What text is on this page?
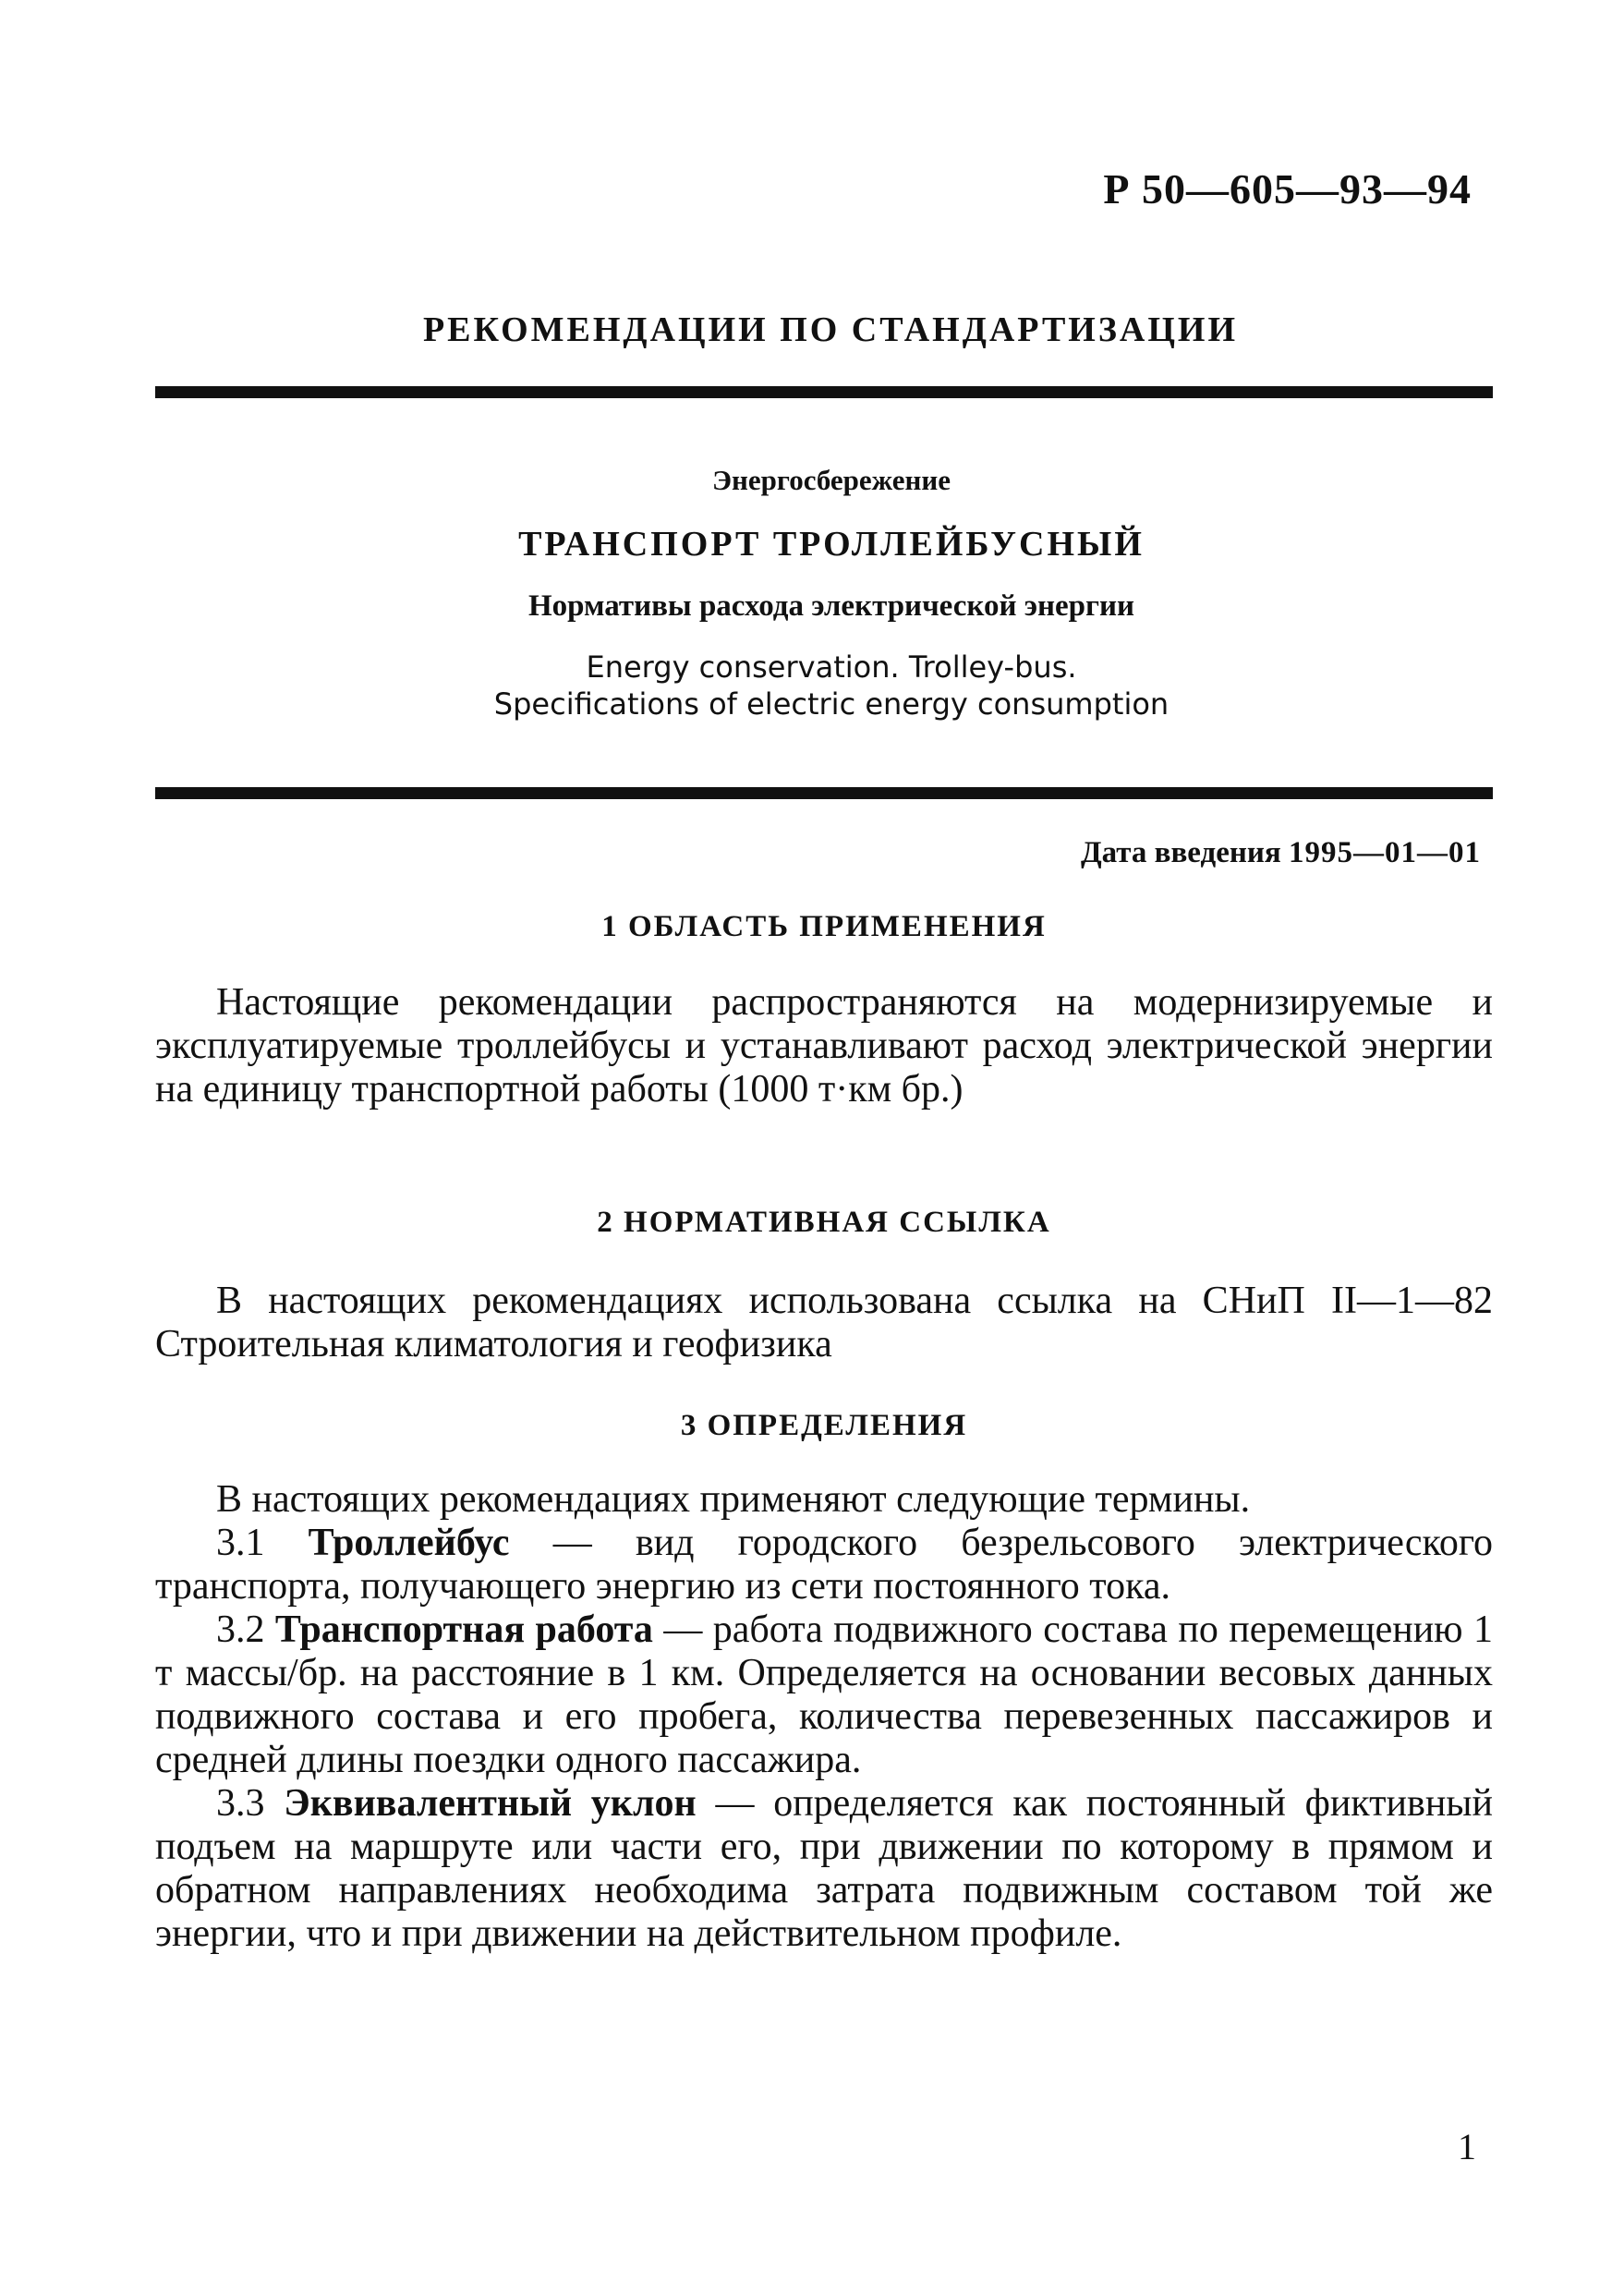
Р 50—605—93—94
РЕКОМЕНДАЦИИ ПО СТАНДАРТИЗАЦИИ
Энергосбережение
ТРАНСПОРТ ТРОЛЛЕЙБУСНЫЙ
Нормативы расхода электрической энергии
Energy conservation. Trolley-bus.
Specifications of electric energy consumption
Дата введения 1995—01—01
1 ОБЛАСТЬ ПРИМЕНЕНИЯ
Настоящие рекомендации распространяются на модернизируемые и эксплуатируемые троллейбусы и устанавливают расход электрической энергии на единицу транспортной работы (1000 т·км бр.)
2 НОРМАТИВНАЯ ССЫЛКА
В настоящих рекомендациях использована ссылка на СНиП II—1—82 Строительная климатология и геофизика
3 ОПРЕДЕЛЕНИЯ
В настоящих рекомендациях применяют следующие термины.

3.1 Троллейбус — вид городского безрельсового электрического транспорта, получающего энергию из сети постоянного тока.

3.2 Транспортная работа — работа подвижного состава по перемещению 1 т массы/бр. на расстояние в 1 км. Определяется на основании весовых данных подвижного состава и его пробега, количества перевезенных пассажиров и средней длины поездки одного пассажира.

3.3 Эквивалентный уклон — определяется как постоянный фиктивный подъем на маршруте или части его, при движении по которому в прямом и обратном направлениях необходима затрата подвижным составом той же энергии, что и при движении на действительном профиле.

1
